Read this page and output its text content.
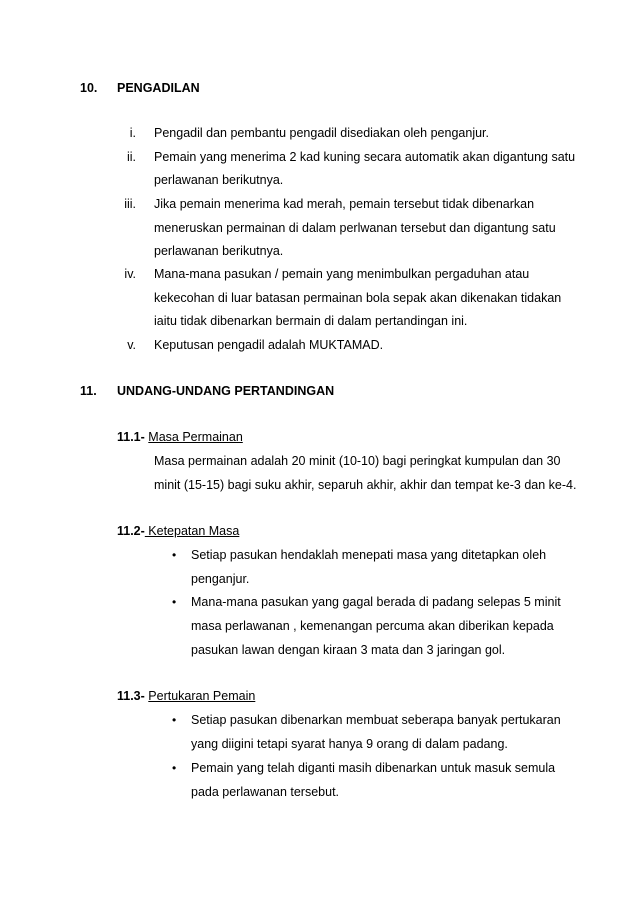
10. PENGADILAN
i. Pengadil dan pembantu pengadil disediakan oleh penganjur.
ii. Pemain yang menerima 2 kad kuning secara automatik akan digantung satu
perlawanan berikutnya.
iii. Jika pemain menerima kad merah, pemain tersebut tidak dibenarkan
meneruskan permainan di dalam perlwanan tersebut dan digantung satu
perlawanan berikutnya.
iv. Mana-mana pasukan / pemain yang menimbulkan pergaduhan atau
kekecohan di luar batasan permainan bola sepak akan dikenakan tidakan
iaitu tidak dibenarkan bermain di dalam pertandingan ini.
v. Keputusan pengadil adalah MUKTAMAD.
11. UNDANG-UNDANG PERTANDINGAN
11.1- Masa Permainan
Masa permainan adalah 20 minit (10-10) bagi peringkat kumpulan dan 30
minit (15-15) bagi suku akhir, separuh akhir, akhir dan tempat ke-3 dan ke-4.
11.2- Ketepatan Masa
• Setiap pasukan hendaklah menepati masa yang ditetapkan oleh
penganjur.
• Mana-mana pasukan yang gagal berada di padang selepas 5 minit
masa perlawanan , kemenangan percuma akan diberikan kepada
pasukan lawan dengan kiraan 3 mata dan 3 jaringan gol.
11.3- Pertukaran Pemain
• Setiap pasukan dibenarkan membuat seberapa banyak pertukaran
yang diigini tetapi syarat hanya 9 orang di dalam padang.
• Pemain yang telah diganti masih dibenarkan untuk masuk semula
pada perlawanan tersebut.
